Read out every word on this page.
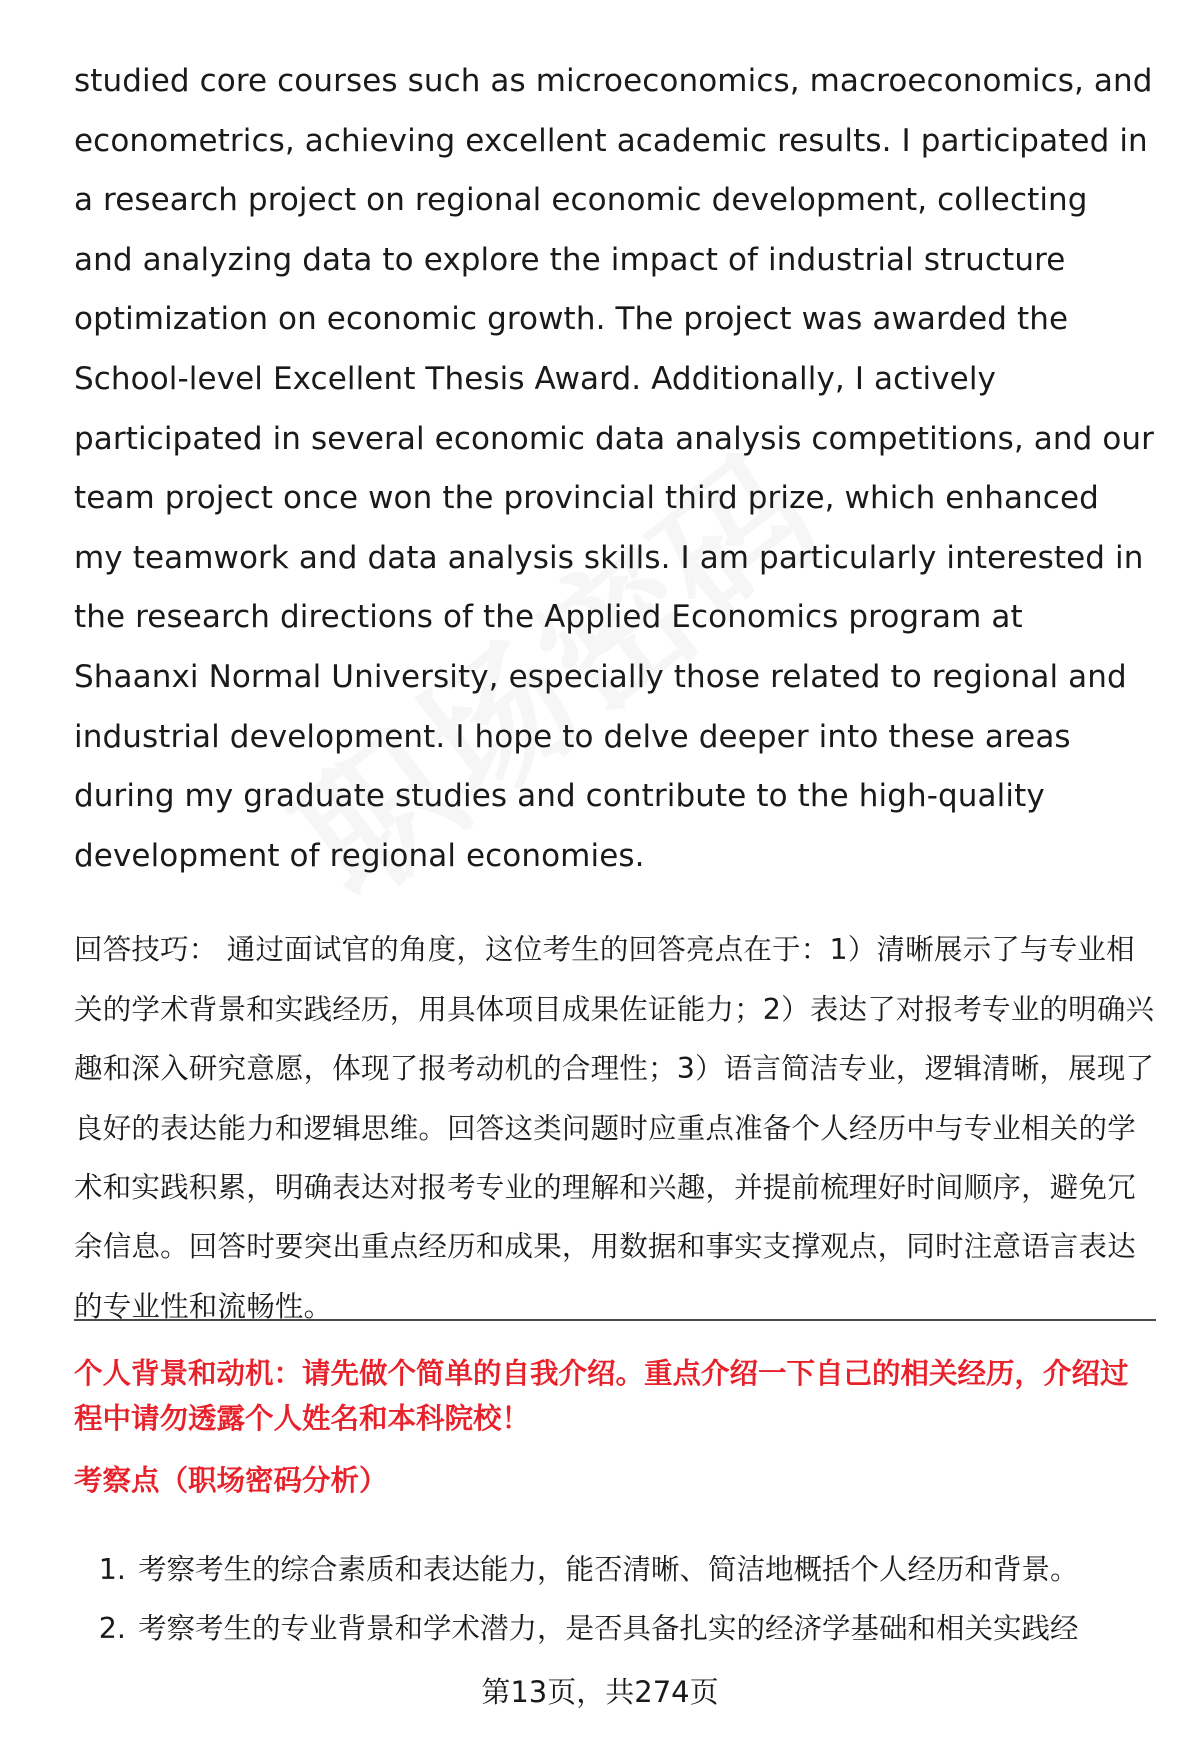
studied core courses such as microeconomics, macroeconomics, and econometrics, achieving excellent academic results. I participated in a research project on regional economic development, collecting and analyzing data to explore the impact of industrial structure optimization on economic growth. The project was awarded the School-level Excellent Thesis Award. Additionally, I actively participated in several economic data analysis competitions, and our team project once won the provincial third prize, which enhanced my teamwork and data analysis skills. I am particularly interested in the research directions of the Applied Economics program at Shaanxi Normal University, especially those related to regional and industrial development. I hope to delve deeper into these areas during my graduate studies and contribute to the high-quality development of regional economies.

回答技巧： 通过面试官的角度，这位考生的回答亮点在于：1）清晰展示了与专业相关的学术背景和实践经历，用具体项目成果佐证能力；2）表达了对报考专业的明确兴趣和深入研究意愿，体现了报考动机的合理性；3）语言简洁专业，逻辑清晰，展现了良好的表达能力和逻辑思维。回答这类问题时应重点准备个人经历中与专业相关的学术和实践积累，明确表达对报考专业的理解和兴趣，并提前梳理好时间顺序，避免冗余信息。回答时要突出重点经历和成果，用数据和事实支撑观点，同时注意语言表达的专业性和流畅性。

个人背景和动机：请先做个简单的自我介绍。重点介绍一下自己的相关经历，介绍过程中请勿透露个人姓名和本科院校！

考察点（职场密码分析）

1. 考察考生的综合素质和表达能力，能否清晰、简洁地概括个人经历和背景。
2. 考察考生的专业背景和学术潜力，是否具备扎实的经济学基础和相关实践经
第13页，共274页
